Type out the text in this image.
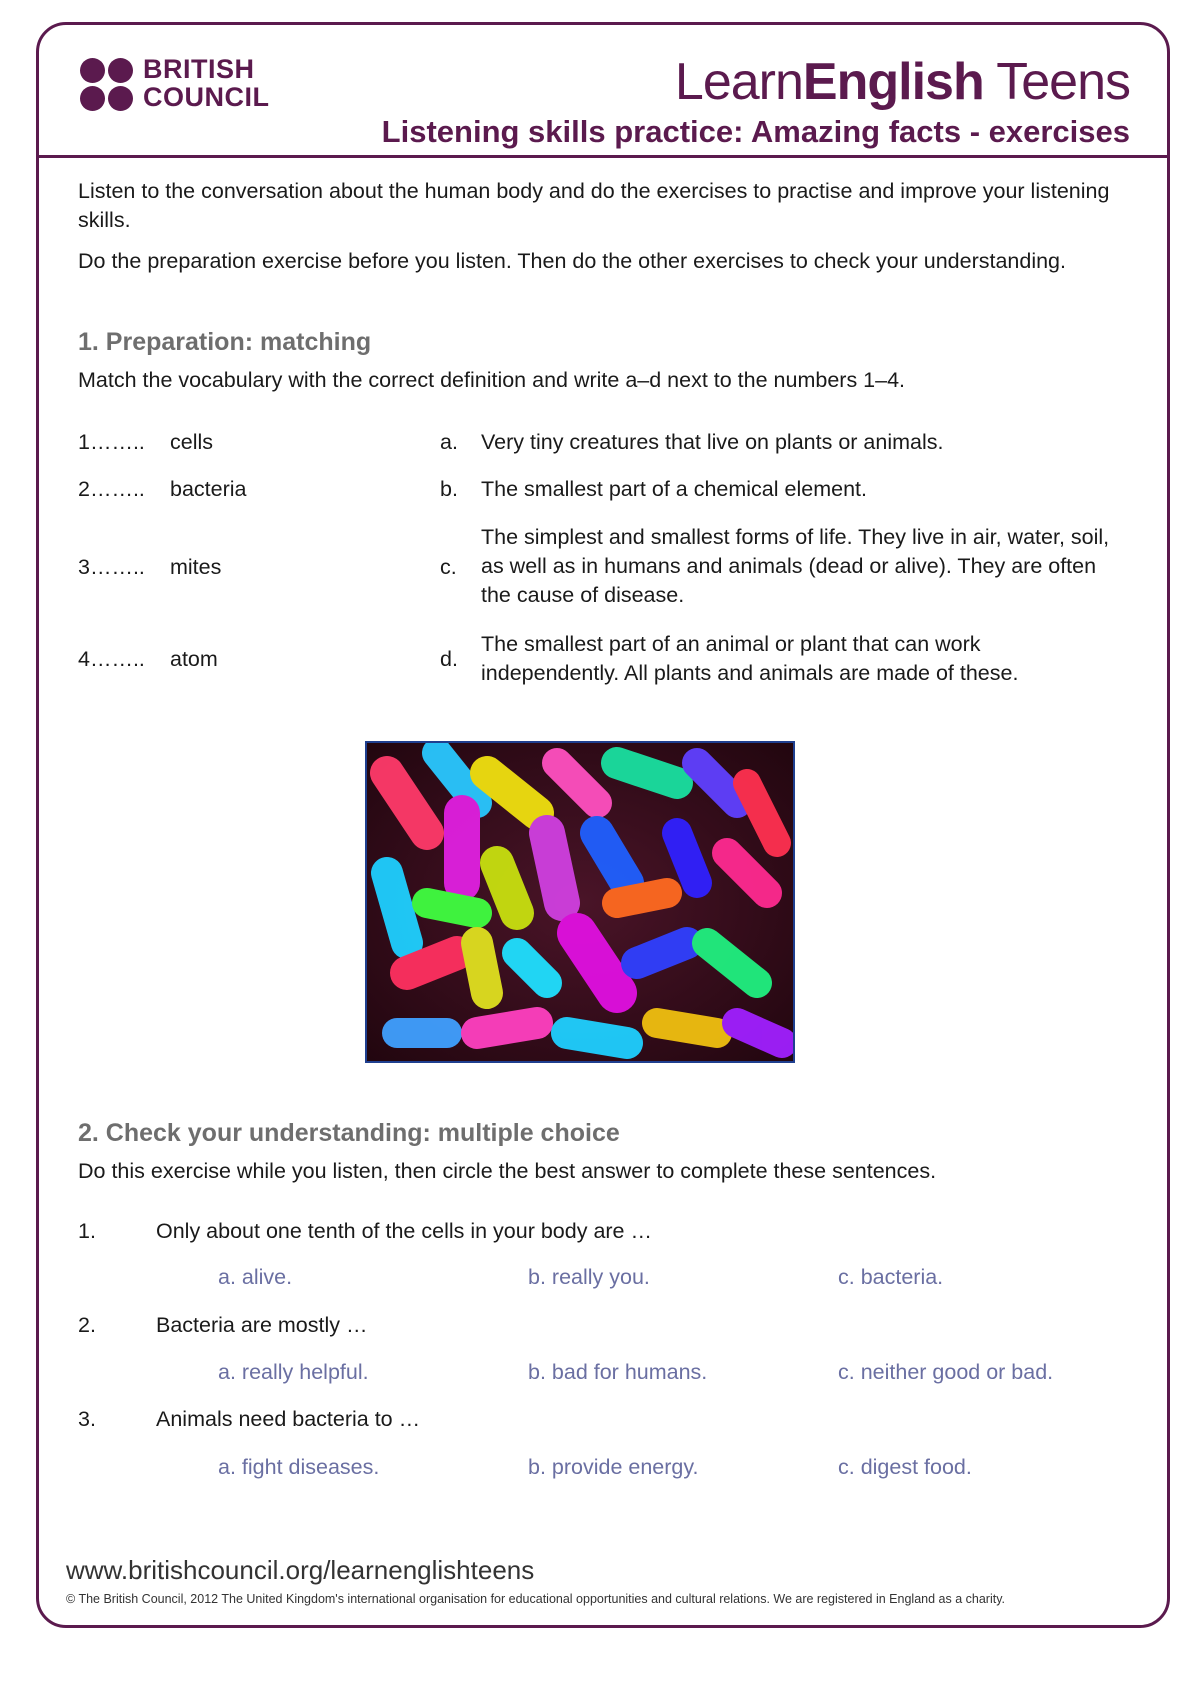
BRITISH
COUNCIL	LearnEnglish Teens
Listening skills practice: Amazing facts - exercises

Listen to the conversation about the human body and do the exercises to practise and improve your listening skills.

Do the preparation exercise before you listen. Then do the other exercises to check your understanding.

1. Preparation: matching

Match the vocabulary with the correct definition and write a–d next to the numbers 1–4.

1…….. cells	a. Very tiny creatures that live on plants or animals.
2…….. bacteria	b. The smallest part of a chemical element.
3…….. mites	c.
The simplest and smallest forms of life. They live in air, water, soil, as well as in humans and animals (dead or alive). They are often the cause of disease.
4…….. atom	d.
The smallest part of an animal or plant that can work independently. All plants and animals are made of these.
2. Check your understanding: multiple choice

Do this exercise while you listen, then circle the best answer to complete these sentences.

1.	Only about one tenth of the cells in your body are …
a. alive.	b. really you.	c. bacteria.
2.	Bacteria are mostly …
a. really helpful.	b. bad for humans.	c. neither good or bad.
3.	Animals need bacteria to …
a. fight diseases.	b. provide energy.	c. digest food.
www.britishcouncil.org/learnenglishteens
© The British Council, 2012 The United Kingdom's international organisation for educational opportunities and cultural relations. We are registered in England as a charity.
